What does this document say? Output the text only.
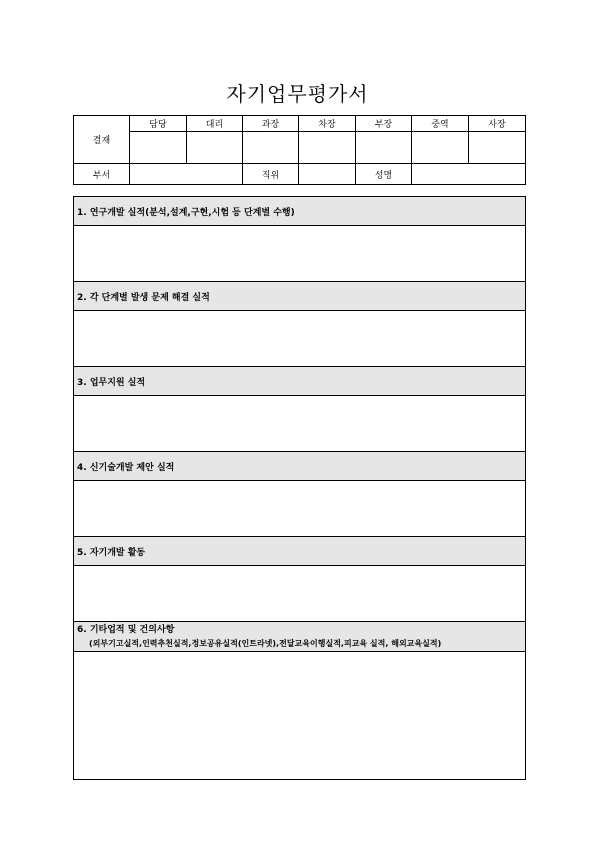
자기업무평가서
결재	담당	대리	과장	차장	부장	중역	사장

부서			직위		성명		
1. 연구개발 실적(분석,설계,구현,시험 등 단계별 수행)

2. 각 단계별 발생 문제 해결 실적

3. 업무지원 실적

4. 신기술개발 제안 실적

5. 자기개발 활동

6. 기타업적 및 건의사항
(외부기고실적,인력추천실적,정보공유실적(인트라넷),전달교육이행실적,피교육 실적, 해외교육실적)
